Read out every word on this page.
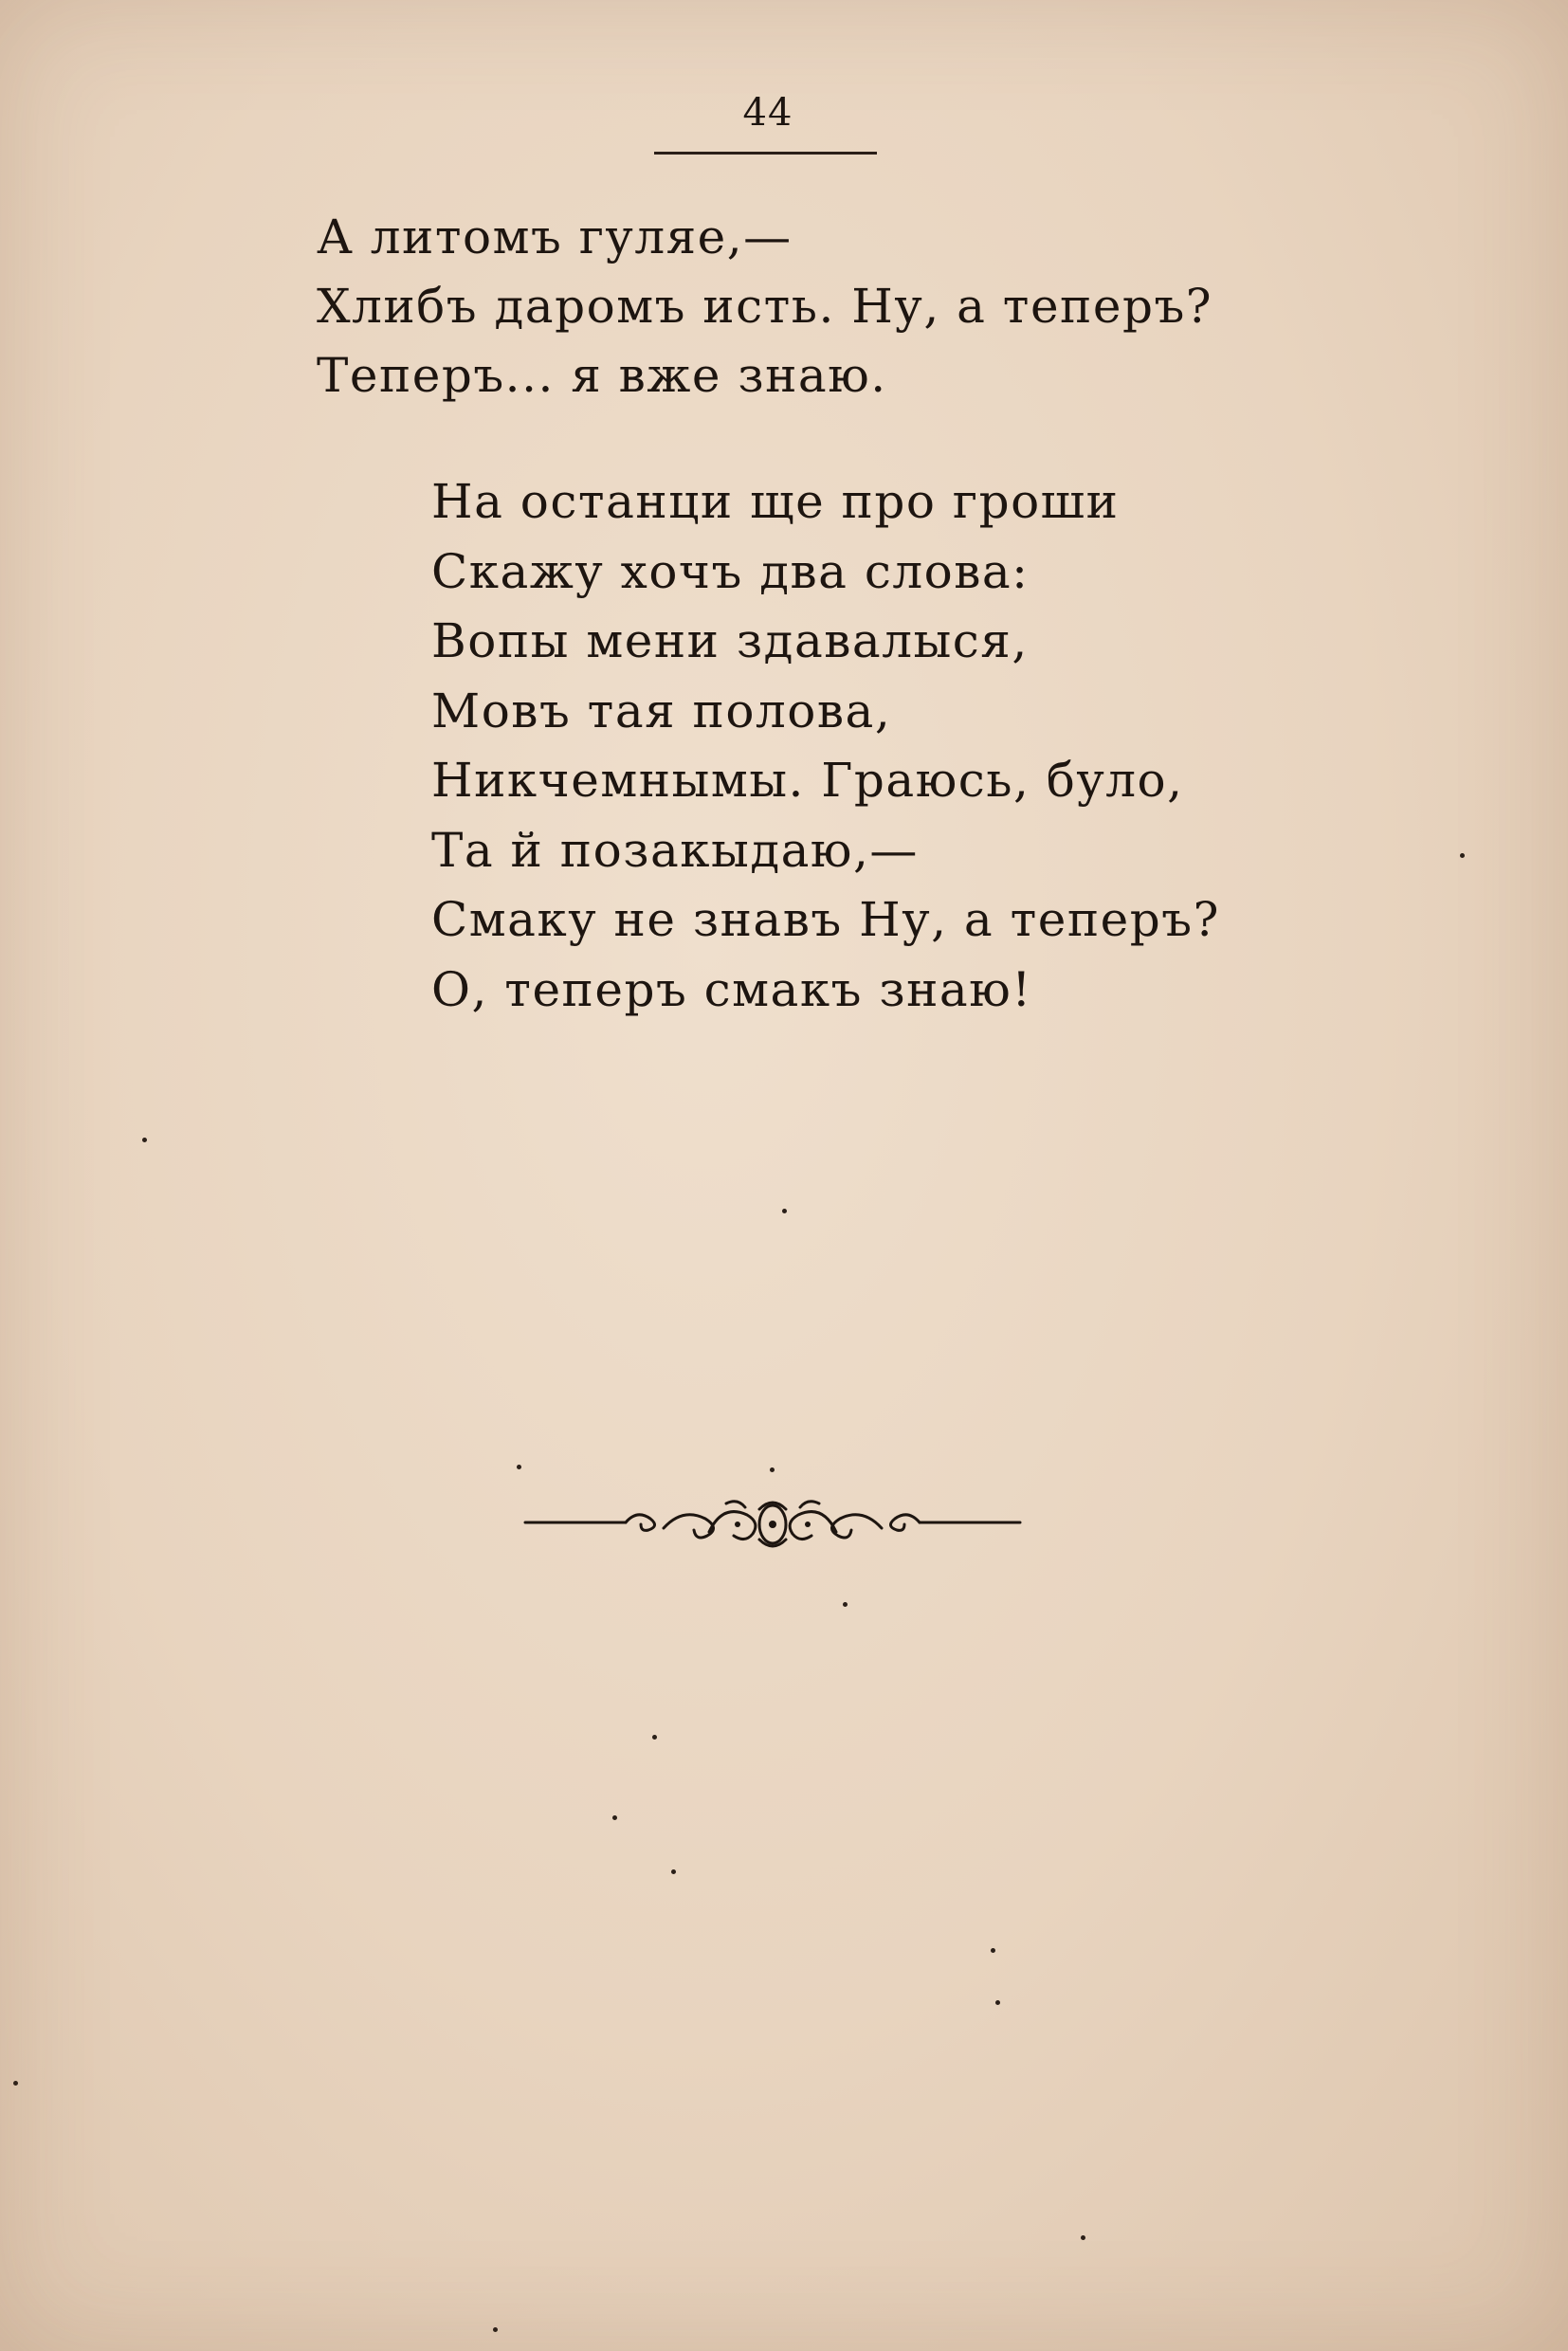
44
А литомъ гуляе,—
Хлибъ даромъ исть. Ну, а теперъ?
Теперъ... я вже знаю.
На останци ще про гроши
Скажу хочъ два слова:
Вопы мени здавалыся,
Мовъ тая полова,
Никчемнымы. Граюсь, було,
Та й позакыдаю,—
Смаку не знавъ Ну, а теперъ?
О, теперъ смакъ знаю!
